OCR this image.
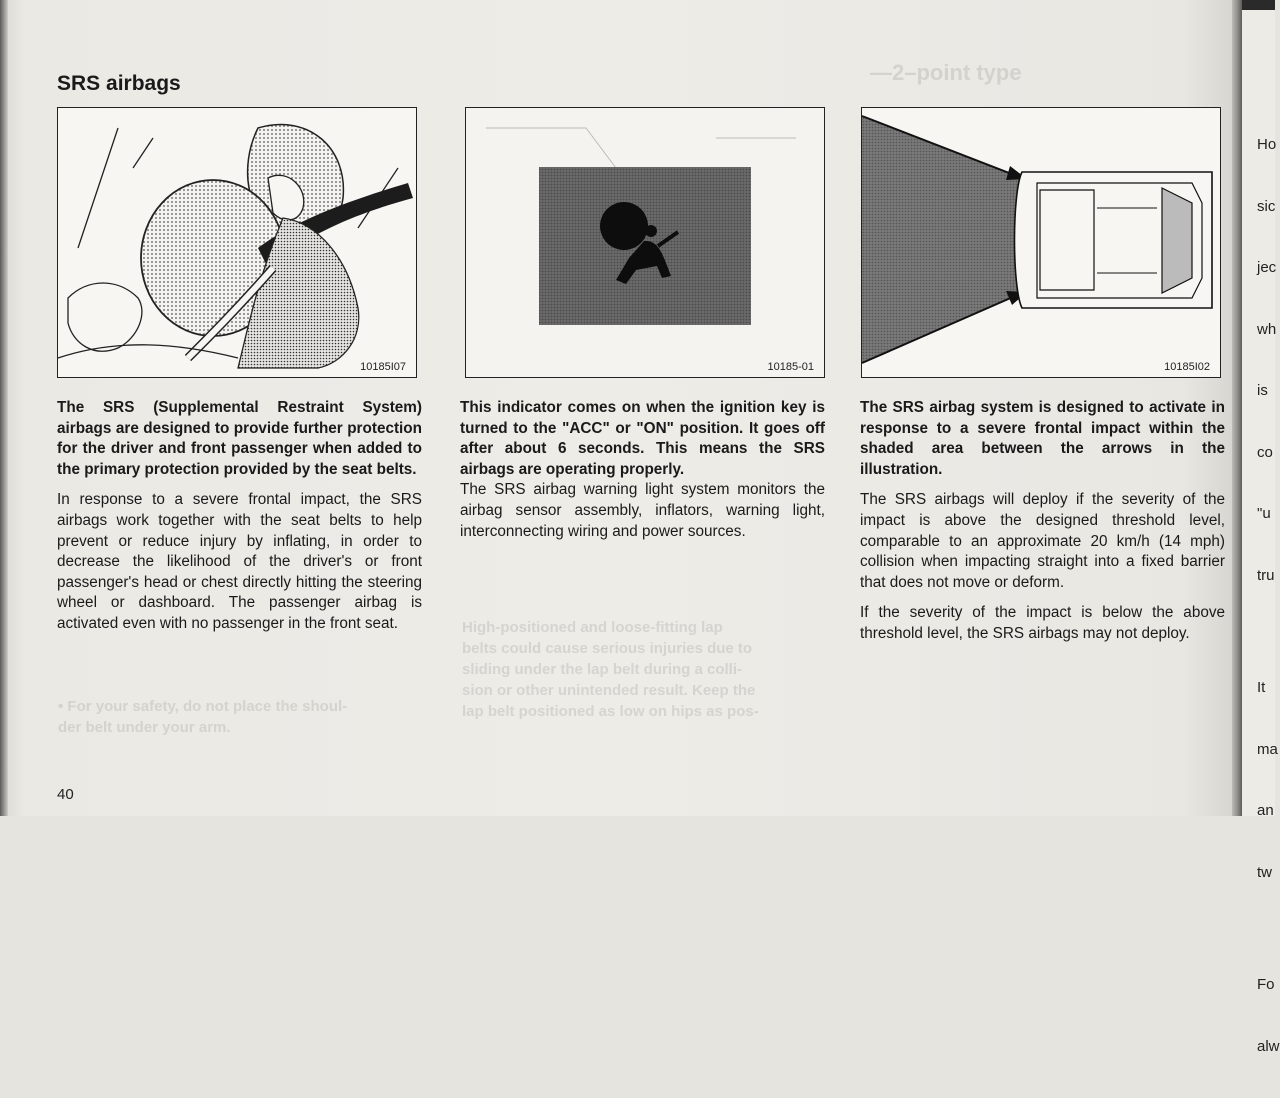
—2–point type
High-positioned and loose-fitting lap
belts could cause serious injuries due to
sliding under the lap belt during a colli-
sion or other unintended result. Keep the
lap belt positioned as low on hips as pos-
• For your safety, do not place the shoul-
der belt under your arm.
SRS airbags
10185I07	10185-01	10185I02

The SRS (Supplemental Restraint System) airbags are designed to provide further protection for the driver and front passenger when added to the primary protection provided by the seat belts.

In response to a severe frontal impact, the SRS airbags work together with the seat belts to help prevent or reduce injury by inflating, in order to decrease the likelihood of the driver's or front passenger's head or chest directly hitting the steering wheel or dashboard. The passenger airbag is activated even with no passenger in the front seat.

This indicator comes on when the ignition key is turned to the "ACC" or "ON" position. It goes off after about 6 seconds. This means the SRS airbags are operating properly.

The SRS airbag warning light system monitors the airbag sensor assembly, inflators, warning light, interconnecting wiring and power sources.

The SRS airbag system is designed to activate in response to a severe frontal impact within the shaded area between the arrows in the illustration.

The SRS airbags will deploy if the severity of the impact is above the designed threshold level, comparable to an approximate 20 km/h (14 mph) collision when impacting straight into a fixed barrier that does not move or deform.

If the severity of the impact is below the above threshold level, the SRS airbags may not deploy.

40

Ho

sic

jec

wh

is

co

"u

tru

It

ma

an

tw

Fo

alw
